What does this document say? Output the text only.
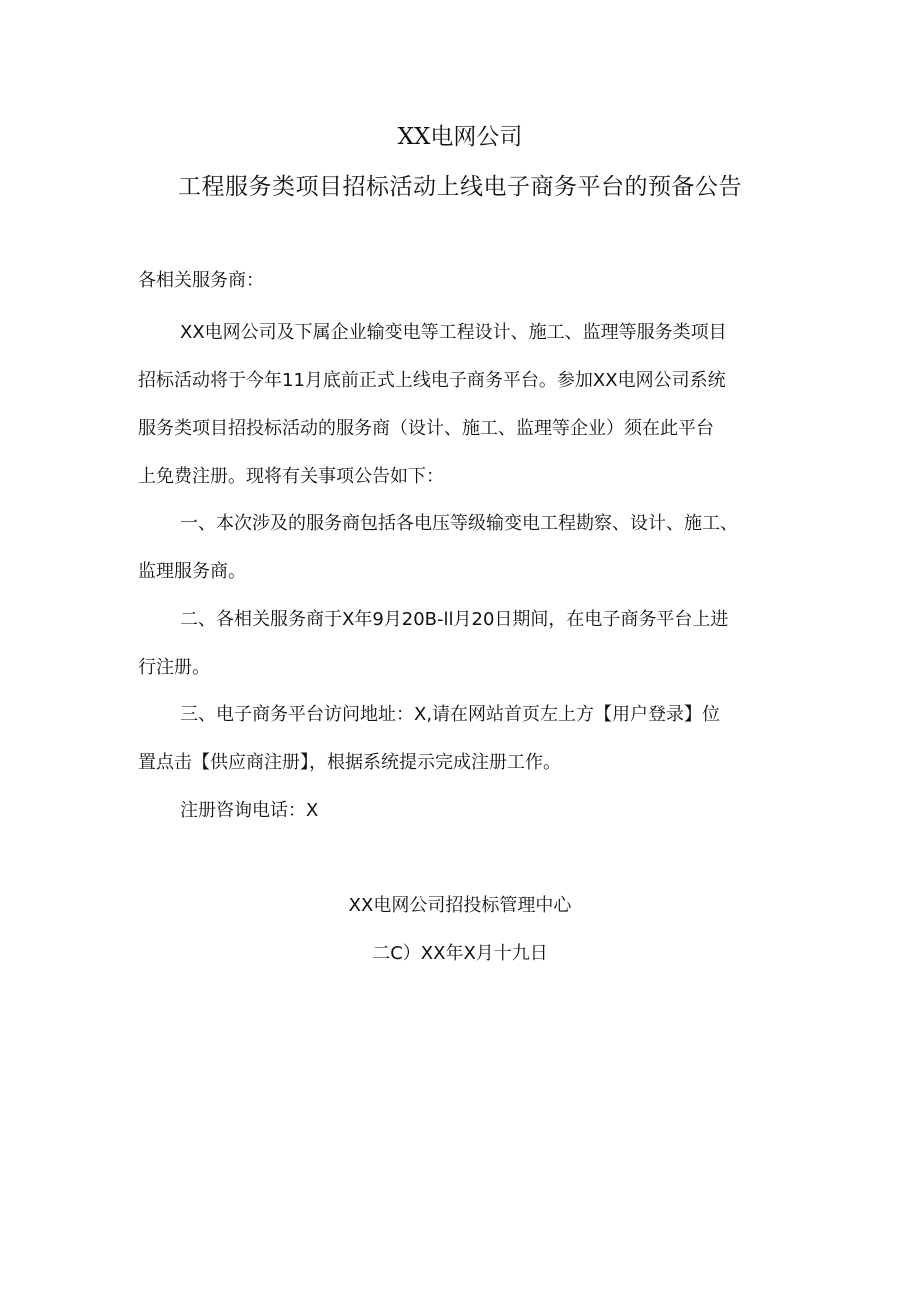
XX电网公司
工程服务类项目招标活动上线电子商务平台的预备公告
各相关服务商：
XX电网公司及下属企业输变电等工程设计、施工、监理等服务类项目
招标活动将于今年11月底前正式上线电子商务平台。参加XX电网公司系统
服务类项目招投标活动的服务商（设计、施工、监理等企业）须在此平台
上免费注册。现将有关事项公告如下：
一、本次涉及的服务商包括各电压等级输变电工程勘察、设计、施工、
监理服务商。
二、各相关服务商于X年9月20B-ll月20日期间，在电子商务平台上进
行注册。
三、电子商务平台访问地址：X,请在网站首页左上方【用户登录】位
置点击【供应商注册】，根据系统提示完成注册工作。
注册咨询电话：X
XX电网公司招投标管理中心
二C）XX年X月十九日
